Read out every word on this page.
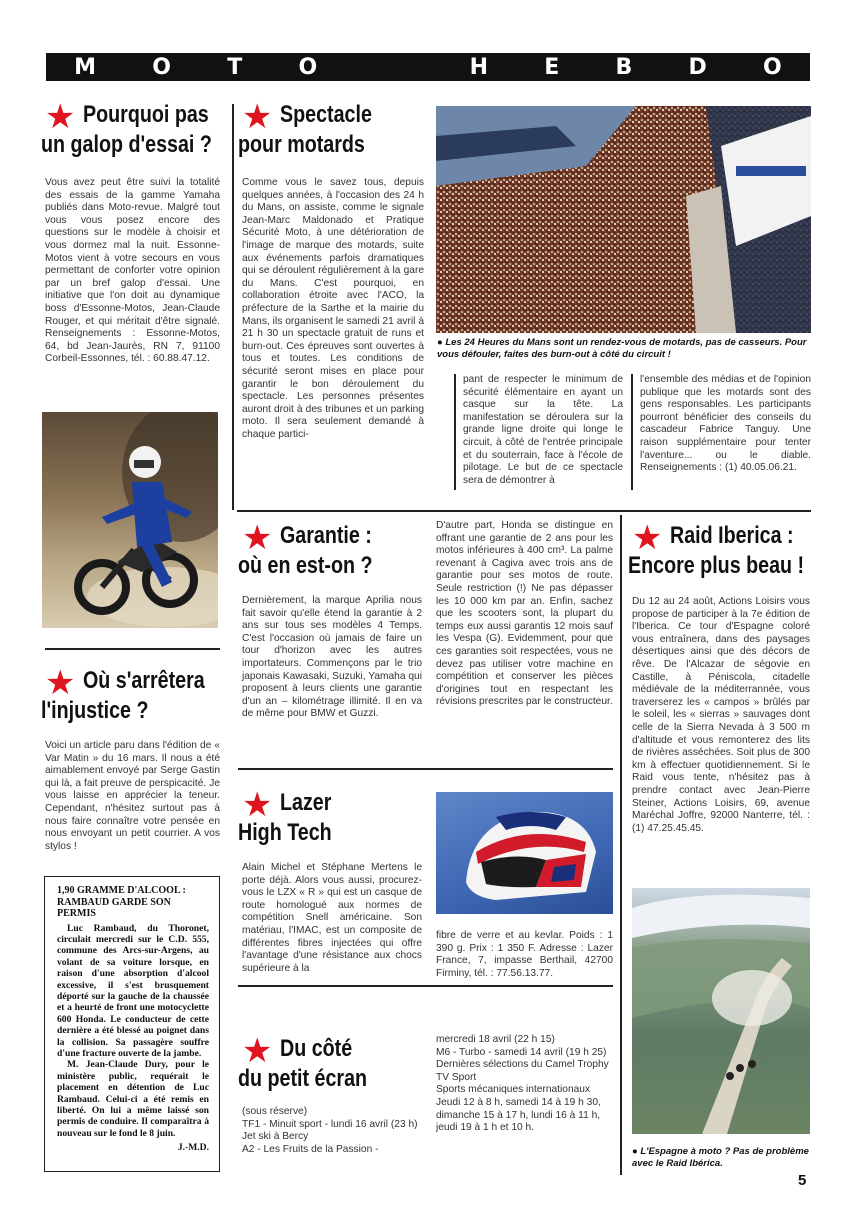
M	O	T	O	H	E	B	D	O
★ Pourquoi pas
un galop d'essai ?
Vous avez peut être suivi la totalité des essais de la gamme Yamaha publiés dans Moto-revue. Malgré tout vous vous posez encore des questions sur le modèle à choisir et vous dormez mal la nuit. Essonne-Motos vient à votre secours en vous permettant de conforter votre opinion par un bref galop d'essai. Une initiative que l'on doit au dynamique boss d'Essonne-Motos, Jean-Claude Rouger, et qui méritait d'être signalé. Renseignements : Essonne-Motos, 64, bd Jean-Jaurès, RN 7, 91100 Corbeil-Essonnes, tél. : 60.88.47.12.
★ Où s'arrêtera
l'injustice ?
Voici un article paru dans l'édition de « Var Matin » du 16 mars. Il nous a été aimablement envoyé par Serge Gastin qui là, a fait preuve de perspicacité. Je vous laisse en apprécier la teneur. Cependant, n'hésitez surtout pas à nous faire connaître votre pensée en nous envoyant un petit courrier. A vos stylos !
1,90 GRAMME D'ALCOOL : RAMBAUD GARDE SON PERMIS
Luc Rambaud, du Thoronet, circulait mercredi sur le C.D. 555, commune des Arcs-sur-Argens, au volant de sa voiture lorsque, en raison d'une absorption d'alcool excessive, il s'est brusquement déporté sur la gauche de la chaussée et a heurté de front une motocyclette 600 Honda. Le conducteur de cette dernière a été blessé au poignet dans la collision. Sa passagère souffre d'une fracture ouverte de la jambe.
M. Jean-Claude Dury, pour le ministère public, requérait le placement en détention de Luc Rambaud. Celui-ci a été remis en liberté. On lui a même laissé son permis de conduire. Il comparaîtra à nouveau sur le fond le 8 juin.
J.-M.D.
★ Spectacle
pour motards
Comme vous le savez tous, depuis quelques années, à l'occasion des 24 h du Mans, on assiste, comme le signale Jean-Marc Maldonado et Pratique Sécurité Moto, à une détérioration de l'image de marque des motards, suite aux événements parfois dramatiques qui se déroulent régulièrement à la gare du Mans. C'est pourquoi, en collaboration étroite avec l'ACO, la préfecture de la Sarthe et la mairie du Mans, ils organisent le samedi 21 avril à 21 h 30 un spectacle gratuit de runs et burn-out. Ces épreuves sont ouvertes à tous et toutes. Les conditions de sécurité seront mises en place pour garantir le bon déroulement du spectacle. Les personnes présentes auront droit à des tribunes et un parking moto. Il sera seulement demandé à chaque partici-
● Les 24 Heures du Mans sont un rendez-vous de motards, pas de casseurs. Pour vous défouler, faites des burn-out à côté du circuit !
pant de respecter le minimum de sécurité élémentaire en ayant un casque sur la tête. La manifestation se déroulera sur la grande ligne droite qui longe le circuit, à côté de l'entrée principale et du souterrain, face à l'école de pilotage. Le but de ce spectacle sera de démontrer à
l'ensemble des médias et de l'opinion publique que les motards sont des gens responsables. Les participants pourront bénéficier des conseils du cascadeur Fabrice Tanguy. Une raison supplémentaire pour tenter l'aventure... ou le diable. Renseignements : (1) 40.05.06.21.
★ Garantie :
où en est-on ?
Dernièrement, la marque Aprilia nous fait savoir qu'elle étend la garantie à 2 ans sur tous ses modèles 4 Temps. C'est l'occasion où jamais de faire un tour d'horizon avec les autres importateurs. Commençons par le trio japonais Kawasaki, Suzuki, Yamaha qui proposent à leurs clients une garantie d'un an – kilométrage illimité. Il en va de même pour BMW et Guzzi.
D'autre part, Honda se distingue en offrant une garantie de 2 ans pour les motos inférieures à 400 cm³. La palme revenant à Cagiva avec trois ans de garantie pour ses motos de route. Seule restriction (!) Ne pas dépasser les 10 000 km par an. Enfin, sachez que les scooters sont, la plupart du temps eux aussi garantis 12 mois sauf les Vespa (G). Evidemment, pour que ces garanties soit respectées, vous ne devez pas utiliser votre machine en compétition et conserver les pièces d'origines tout en respectant les révisions prescrites par le constructeur.
★ Lazer
High Tech
Alain Michel et Stéphane Mertens le porte déjà. Alors vous aussi, procurez-vous le LZX « R » qui est un casque de route homologué aux normes de compétition Snell américaine. Son matériau, l'IMAC, est un composite de différentes fibres injectées qui offre l'avantage d'une résistance aux chocs supérieure à la
fibre de verre et au kevlar. Poids : 1 390 g. Prix : 1 350 F. Adresse : Lazer France, 7, impasse Berthail, 42700 Firminy, tél. : 77.56.13.77.
★ Du côté
du petit écran
(sous réserve)
TF1 - Minuit sport - lundi 16 avril (23 h)
Jet ski à Bercy
A2 - Les Fruits de la Passion -
mercredi 18 avril (22 h 15)
M6 - Turbo - samedi 14 avril (19 h 25)
Dernières sélections du Camel Trophy
TV Sport
Sports mécaniques internationaux Jeudi 12 à 8 h, samedi 14 à 19 h 30, dimanche 15 à 17 h, lundi 16 à 11 h, jeudi 19 à 1 h et 10 h.
★ Raid Iberica :
Encore plus beau !
Du 12 au 24 août, Actions Loisirs vous propose de participer à la 7e édition de l'Iberica. Ce tour d'Espagne coloré vous entraînera, dans des paysages désertiques ainsi que des décors de rêve. De l'Alcazar de ségovie en Castille, à Péniscola, citadelle médiévale de la méditerrannée, vous traverserez les « campos » brûlés par le soleil, les « sierras » sauvages dont celle de la Sierra Nevada à 3 500 m d'altitude et vous remonterez des lits de rivières asséchées. Soit plus de 300 km à effectuer quotidiennement. Si le Raid vous tente, n'hésitez pas à prendre contact avec Jean-Pierre Steiner, Actions Loisirs, 69, avenue Maréchal Joffre, 92000 Nanterre, tél. : (1) 47.25.45.45.
● L'Espagne à moto ? Pas de problème avec le Raid Ibérica.
5
